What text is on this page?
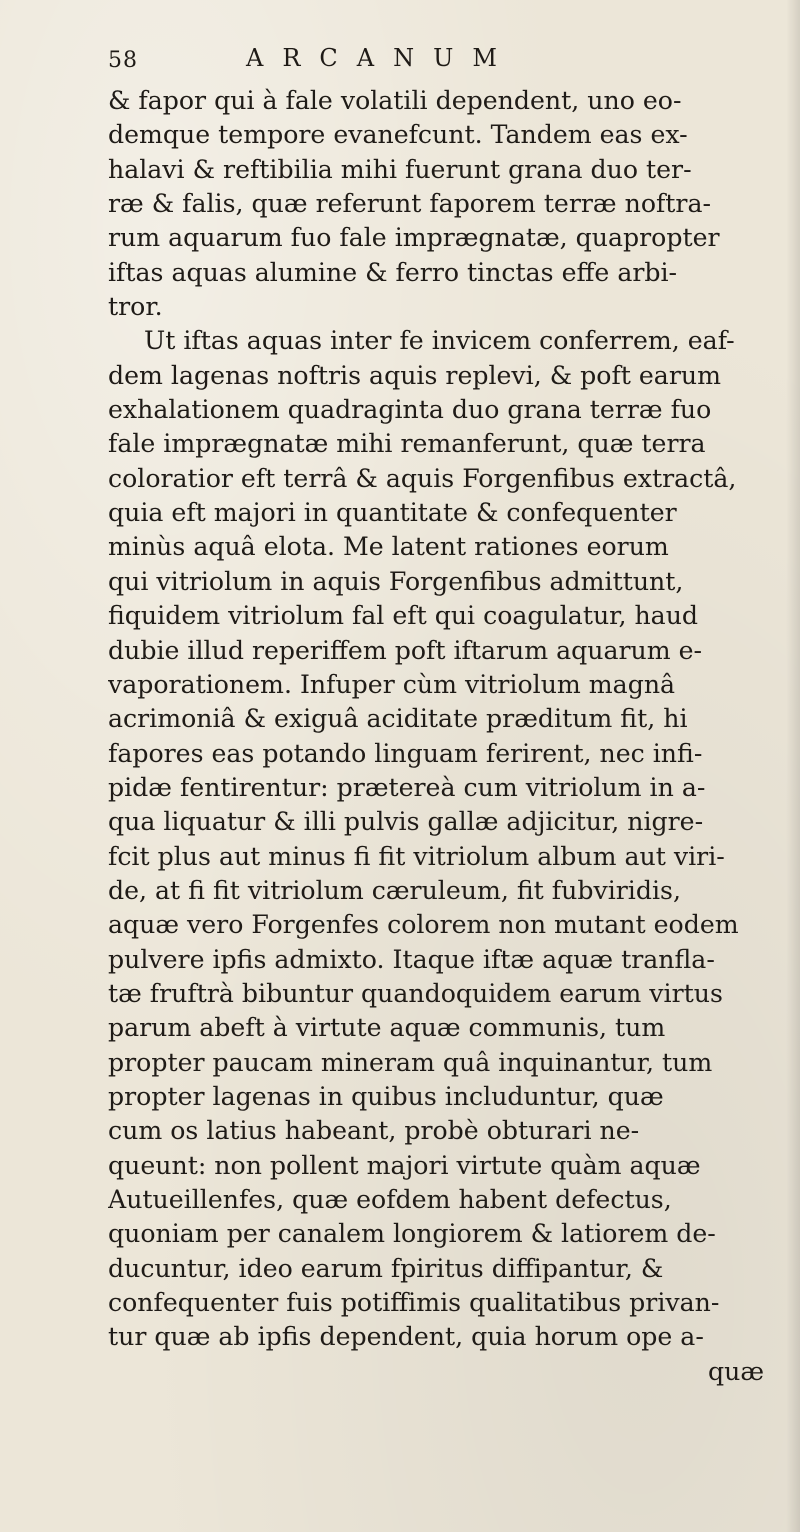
58	ARCANUM
& fapor qui à fale volatili dependent, uno eo-
demque tempore evanefcunt. Tandem eas ex-
halavi & reftibilia mihi fuerunt grana duo ter-
ræ & falis, quæ referunt faporem terræ noftra-
rum aquarum fuo fale imprægnatæ, quapropter
iftas aquas alumine & ferro tinctas effe arbi-
tror.
Ut iftas aquas inter fe invicem conferrem, eaf-
dem lagenas noftris aquis replevi, & poft earum
exhalationem quadraginta duo grana terræ fuo
fale imprægnatæ mihi remanferunt, quæ terra
coloratior eft terrâ & aquis Forgenfibus extractâ,
quia eft majori in quantitate & confequenter
minùs aquâ elota. Me latent rationes eorum
qui vitriolum in aquis Forgenfibus admittunt,
fiquidem vitriolum fal eft qui coagulatur, haud
dubie illud reperiffem poft iftarum aquarum e-
vaporationem. Infuper cùm vitriolum magnâ
acrimoniâ & exiguâ aciditate præditum fit, hi
fapores eas potando linguam ferirent, nec infi-
pidæ fentirentur: prætereà cum vitriolum in a-
qua liquatur & illi pulvis gallæ adjicitur, nigre-
fcit plus aut minus fi fit vitriolum album aut viri-
de, at fi fit vitriolum cæruleum, fit fubviridis,
aquæ vero Forgenfes colorem non mutant eodem
pulvere ipfis admixto. Itaque iftæ aquæ tranfla-
tæ fruftrà bibuntur quandoquidem earum virtus
parum abeft à virtute aquæ communis, tum
propter paucam mineram quâ inquinantur, tum
propter lagenas in quibus includuntur, quæ
cum os latius habeant, probè obturari ne-
queunt: non pollent majori virtute quàm aquæ
Autueillenfes, quæ eofdem habent defectus,
quoniam per canalem longiorem & latiorem de-
ducuntur, ideo earum fpiritus diffipantur, &
confequenter fuis potiffimis qualitatibus privan-
tur quæ ab ipfis dependent, quia horum ope a-
quæ
